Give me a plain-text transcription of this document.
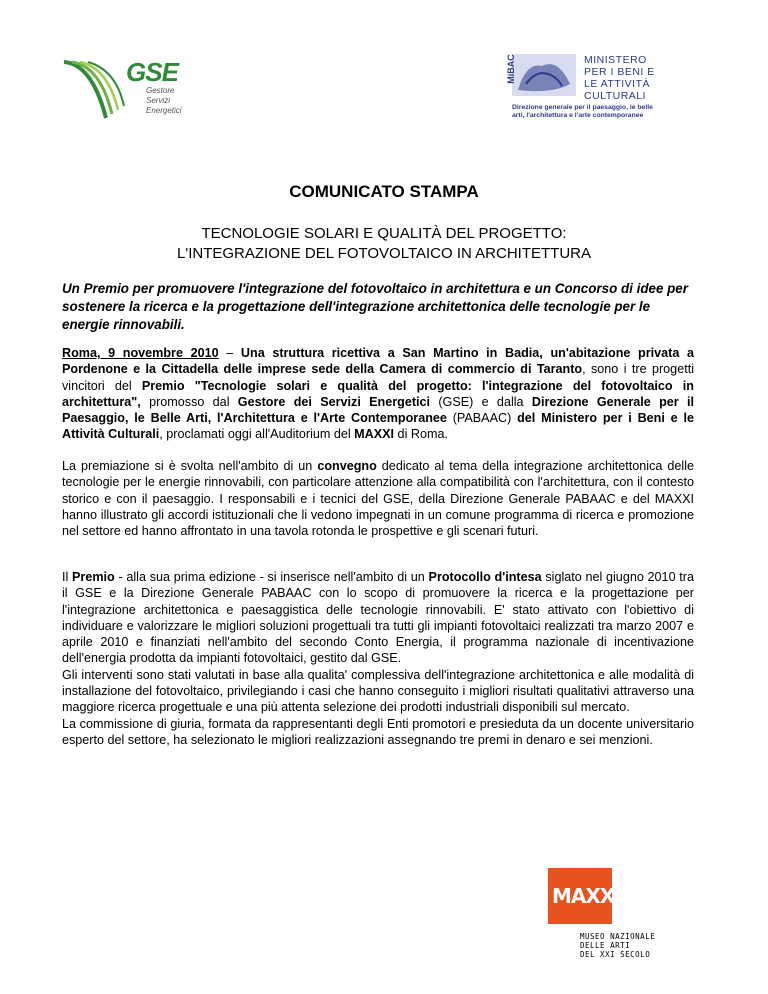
GSE
Gestore
Servizi
Energetici
MiBAC	MINISTERO
PER I BENI E
LE ATTIVITÀ
CULTURALI
Direzione generale per il paesaggio, le belle arti, l'architettura e l'arte contemporanee
COMUNICATO STAMPA
TECNOLOGIE SOLARI E QUALITÀ DEL PROGETTO:
L'INTEGRAZIONE DEL FOTOVOLTAICO IN ARCHITETTURA
Un Premio per promuovere l'integrazione del fotovoltaico in architettura e un Concorso di idee per sostenere la ricerca e la progettazione dell'integrazione architettonica delle tecnologie per le energie rinnovabili.
Roma, 9 novembre 2010 – Una struttura ricettiva a San Martino in Badia, un'abitazione privata a Pordenone e la Cittadella delle imprese sede della Camera di commercio di Taranto, sono i tre progetti vincitori del Premio "Tecnologie solari e qualità del progetto: l'integrazione del fotovoltaico in architettura", promosso dal Gestore dei Servizi Energetici (GSE) e dalla Direzione Generale per il Paesaggio, le Belle Arti, l'Architettura e l'Arte Contemporanee (PABAAC) del Ministero per i Beni e le Attività Culturali, proclamati oggi all'Auditorium del MAXXI di Roma.
La premiazione si è svolta nell'ambito di un convegno dedicato al tema della integrazione architettonica delle tecnologie per le energie rinnovabili, con particolare attenzione alla compatibilità con l'architettura, con il contesto storico e con il paesaggio. I responsabili e i tecnici del GSE, della Direzione Generale PABAAC e del MAXXI hanno illustrato gli accordi istituzionali che li vedono impegnati in un comune programma di ricerca e promozione nel settore ed hanno affrontato in una tavola rotonda le prospettive e gli scenari futuri.
Il Premio - alla sua prima edizione - si inserisce nell'ambito di un Protocollo d'intesa siglato nel giugno 2010 tra il GSE e la Direzione Generale PABAAC con lo scopo di promuovere la ricerca e la progettazione per l'integrazione architettonica e paesaggistica delle tecnologie rinnovabili. E' stato attivato con l'obiettivo di individuare e valorizzare le migliori soluzioni progettuali tra tutti gli impianti fotovoltaici realizzati tra marzo 2007 e aprile 2010 e finanziati nell'ambito del secondo Conto Energia, il programma nazionale di incentivazione dell'energia prodotta da impianti fotovoltaici, gestito dal GSE.
Gli interventi sono stati valutati in base alla qualita' complessiva dell'integrazione architettonica e alle modalità di installazione del fotovoltaico, privilegiando i casi che hanno conseguito i migliori risultati qualitativi attraverso una maggiore ricerca progettuale e una più attenta selezione dei prodotti industriali disponibili sul mercato.
La commissione di giuria, formata da rappresentanti degli Enti promotori e presieduta da un docente universitario esperto del settore, ha selezionato le migliori realizzazioni assegnando tre premi in denaro e sei menzioni.
MAXXI
MUSEO NAZIONALE
DELLE ARTI
DEL XXI SECOLO
